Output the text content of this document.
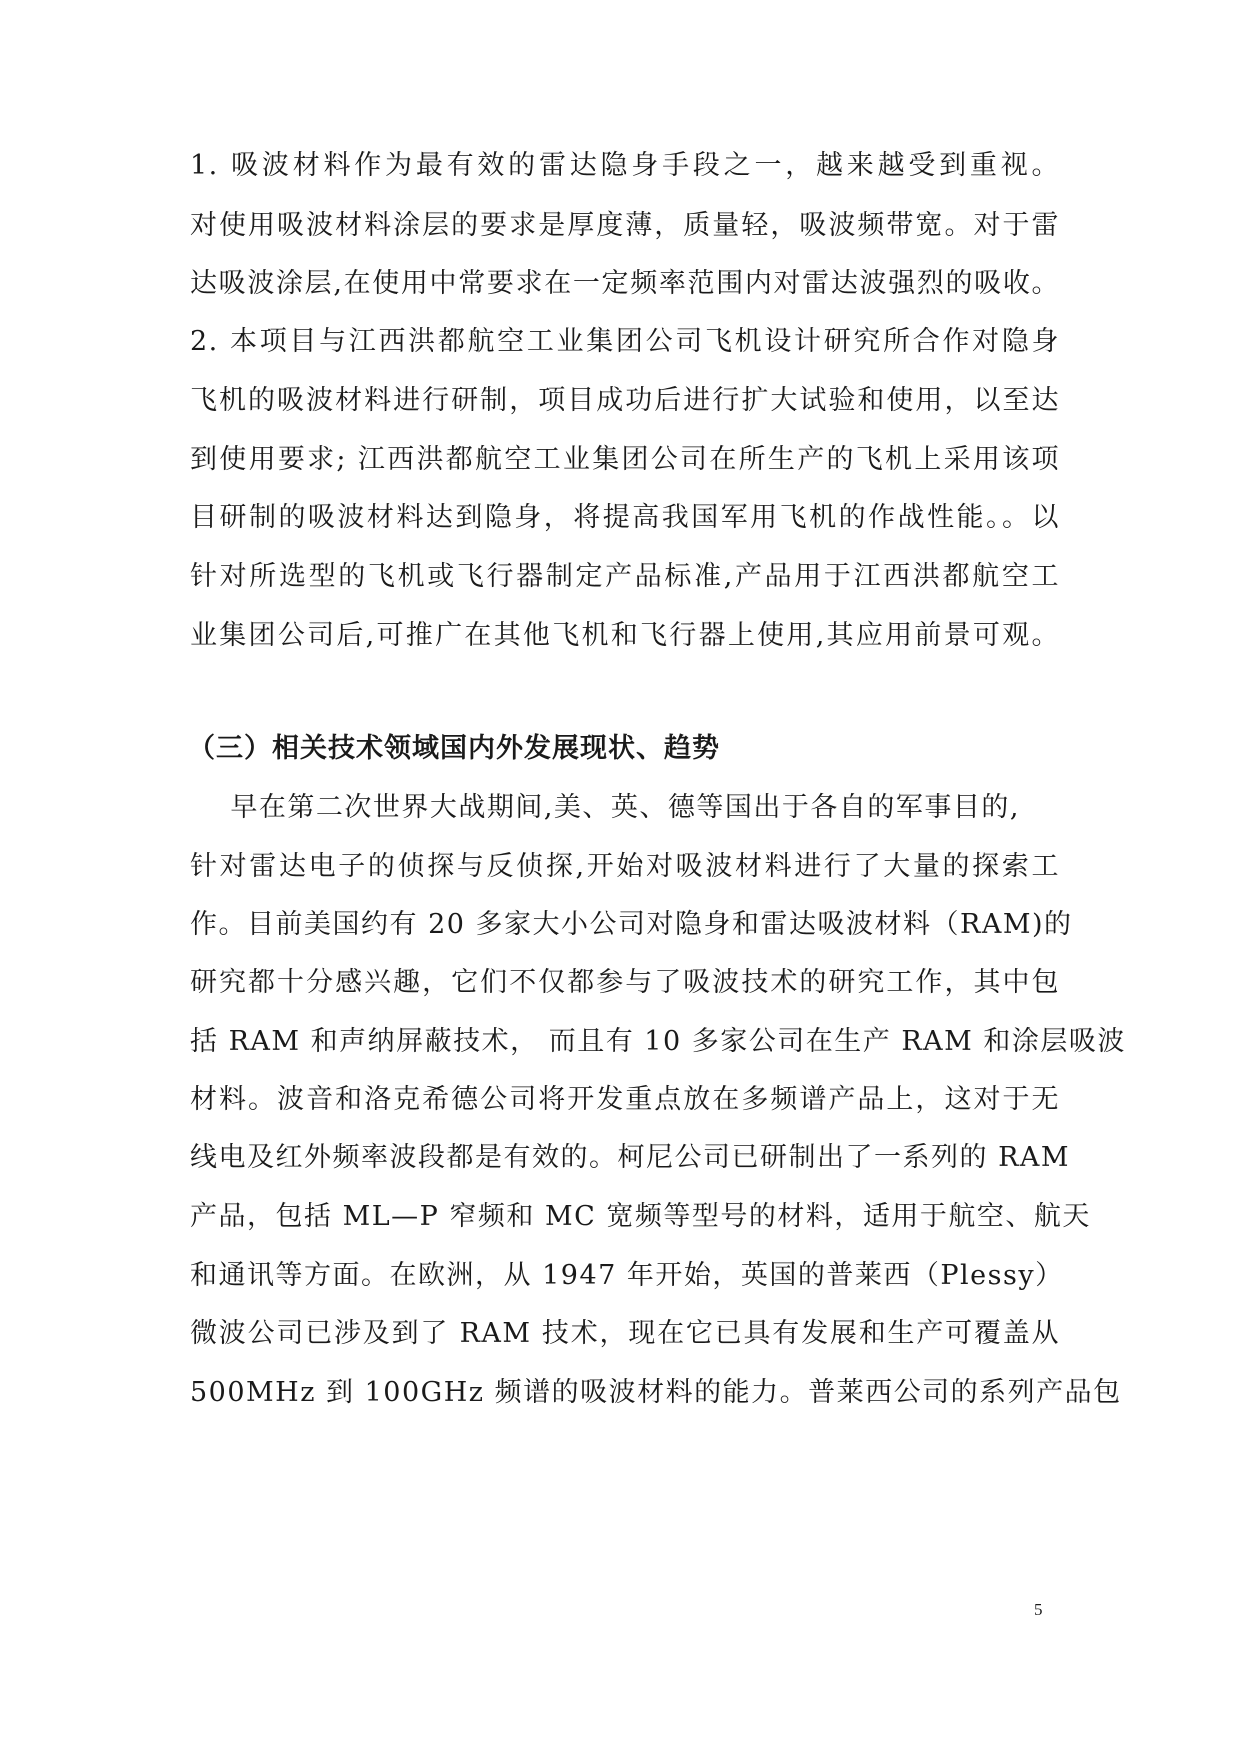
1. 吸波材料作为最有效的雷达隐身手段之一，越来越受到重视。
对使用吸波材料涂层的要求是厚度薄，质量轻，吸波频带宽。对于雷
达吸波涂层,在使用中常要求在一定频率范围内对雷达波强烈的吸收。
2. 本项目与江西洪都航空工业集团公司飞机设计研究所合作对隐身
飞机的吸波材料进行研制，项目成功后进行扩大试验和使用，以至达
到使用要求; 江西洪都航空工业集团公司在所生产的飞机上采用该项
目研制的吸波材料达到隐身，将提高我国军用飞机的作战性能。。以
针对所选型的飞机或飞行器制定产品标准,产品用于江西洪都航空工
业集团公司后,可推广在其他飞机和飞行器上使用,其应用前景可观。
（三）相关技术领域国内外发展现状、趋势
早在第二次世界大战期间,美、英、德等国出于各自的军事目的,
针对雷达电子的侦探与反侦探,开始对吸波材料进行了大量的探索工
作。目前美国约有 20 多家大小公司对隐身和雷达吸波材料（RAM)的
研究都十分感兴趣，它们不仅都参与了吸波技术的研究工作，其中包
括 RAM 和声纳屏蔽技术， 而且有 10 多家公司在生产 RAM 和涂层吸波
材料。波音和洛克希德公司将开发重点放在多频谱产品上，这对于无
线电及红外频率波段都是有效的。柯尼公司已研制出了一系列的 RAM
产品，包括 ML—P 窄频和 MC 宽频等型号的材料，适用于航空、航天
和通讯等方面。在欧洲，从 1947 年开始，英国的普莱西（Plessy）
微波公司已涉及到了 RAM 技术，现在它已具有发展和生产可覆盖从
500MHz 到 100GHz 频谱的吸波材料的能力。普莱西公司的系列产品包
5
